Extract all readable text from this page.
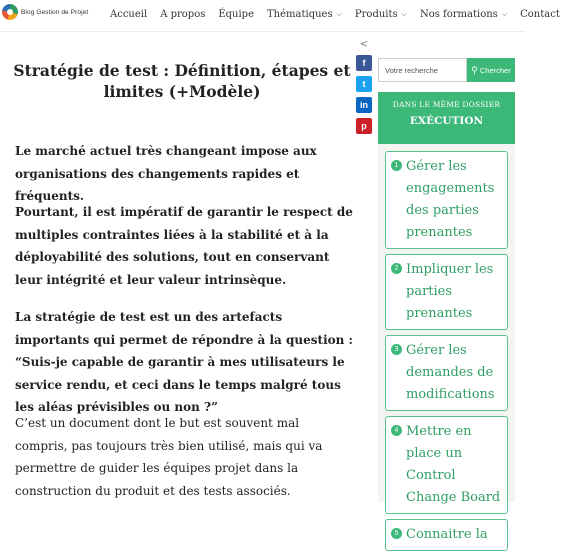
Blog Gestion de Projet Accueil A propos Équipe Thématiques ⌵ Produits ⌵ Nos formations ⌵ Contact
Stratégie de test : Définition, étapes et limites (+Modèle)

Le marché actuel très changeant impose aux organisations des changements rapides et fréquents.

Pourtant, il est impératif de garantir le respect de multiples contraintes liées à la stabilité et à la déployabilité des solutions, tout en conservant leur intégrité et leur valeur intrinsèque.

La stratégie de test est un des artefacts importants qui permet de répondre à la question : “Suis-je capable de garantir à mes utilisateurs le service rendu, et ceci dans le temps malgré tous les aléas prévisibles ou non ?”

C’est un document dont le but est souvent mal compris, pas toujours très bien utilisé, mais qui va permettre de guider les équipes projet dans la construction du produit et des tests associés.

<
f
t
in
p
Votre recherche
⚲ Chercher
DANS LE MÊME DOSSIER
EXÉCUTION
1 Gérer les engagements des parties prenantes
2 Impliquer les parties prenantes
3 Gérer les demandes de modifications
4 Mettre en place un Control Change Board
5 Connaitre la
